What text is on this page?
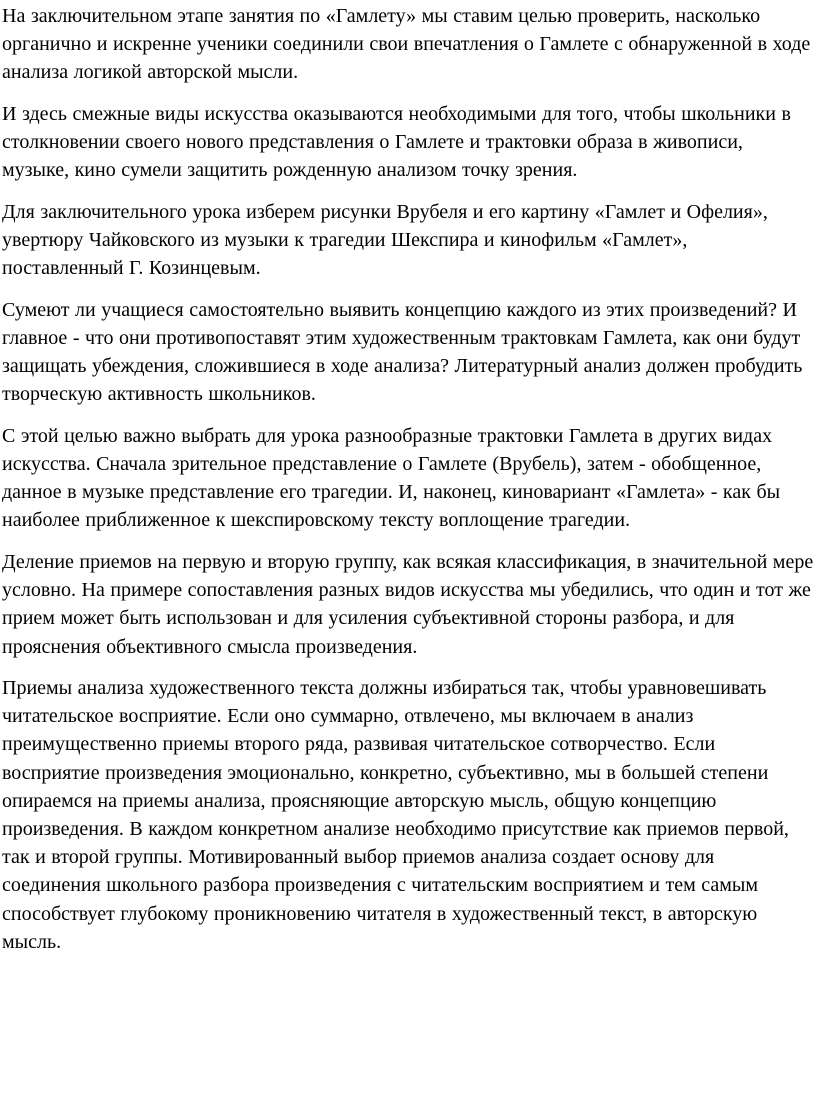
На заключительном этапе занятия по «Гамлету» мы ставим целью проверить, насколько органично и искренне ученики соединили свои впечатления о Гамлете с обнаруженной в ходе анализа логикой авторской мысли.

И здесь смежные виды искусства оказываются необходимыми для того, чтобы школьники в столкновении своего нового представления о Гамлете и трактовки образа в живописи, музыке, кино сумели защитить рожденную анализом точку зрения.

Для заключительного урока изберем рисунки Врубеля и его картину «Гамлет и Офелия», увертюру Чайковского из музыки к трагедии Шекспира и кинофильм «Гамлет», поставленный Г. Козинцевым.

Сумеют ли учащиеся самостоятельно выявить концепцию каждого из этих произведений? И главное - что они противопоставят этим художественным трактовкам Гамлета, как они будут защищать убеждения, сложившиеся в ходе анализа? Литературный анализ должен пробудить творческую активность школьников.

С этой целью важно выбрать для урока разнообразные трактовки Гамлета в других видах искусства. Сначала зрительное представление о Гамлете (Врубель), затем - обобщенное, данное в музыке представление его трагедии. И, наконец, киновариант «Гамлета» - как бы наиболее приближенное к шекспировскому тексту воплощение трагедии.

Деление приемов на первую и вторую группу, как всякая классификация, в значительной мере условно. На примере сопоставления разных видов искусства мы убедились, что один и тот же прием может быть использован и для усиления субъективной стороны разбора, и для прояснения объективного смысла произведения.

Приемы анализа художественного текста должны избираться так, чтобы уравновешивать читательское восприятие. Если оно суммарно, отвлечено, мы включаем в анализ преимущественно приемы второго ряда, развивая читательское сотворчество. Если восприятие произведения эмоционально, конкретно, субъективно, мы в большей степени опираемся на приемы анализа, проясняющие авторскую мысль, общую концепцию произведения. В каждом конкретном анализе необходимо присутствие как приемов первой, так и второй группы. Мотивированный выбор приемов анализа создает основу для соединения школьного разбора произведения с читательским восприятием и тем самым способствует глубокому проникновению читателя в художественный текст, в авторскую мысль.
